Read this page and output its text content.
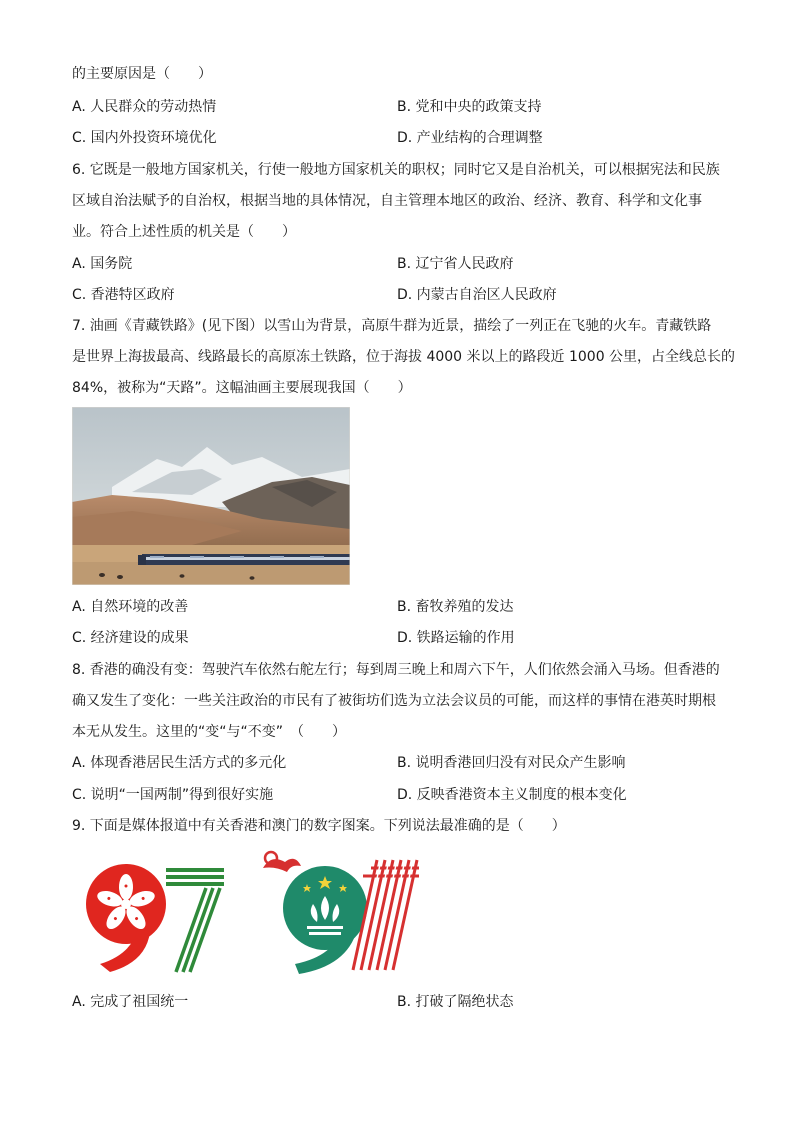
的主要原因是（　　）
A. 人民群众的劳动热情	B. 党和中央的政策支持
C. 国内外投资环境优化	D. 产业结构的合理调整
6. 它既是一般地方国家机关，行使一般地方国家机关的职权；同时它又是自治机关，可以根据宪法和民族
区域自治法赋予的自治权，根据当地的具体情况，自主管理本地区的政治、经济、教育、科学和文化事
业。符合上述性质的机关是（　　）
A. 国务院	B. 辽宁省人民政府
C. 香港特区政府	D. 内蒙古自治区人民政府
7. 油画《青藏铁路》(见下图）以雪山为背景，高原牛群为近景，描绘了一列正在飞驰的火车。青藏铁路
是世界上海拔最高、线路最长的高原冻土铁路，位于海拔 4000 米以上的路段近 1000 公里，占全线总长的
84%，被称为“天路”。这幅油画主要展现我国（　　）
A. 自然环境的改善	B. 畜牧养殖的发达
C. 经济建设的成果	D. 铁路运输的作用
8. 香港的确没有变：驾驶汽车依然右舵左行；每到周三晚上和周六下午，人们依然会涌入马场。但香港的
确又发生了变化：一些关注政治的市民有了被街坊们选为立法会议员的可能，而这样的事情在港英时期根
本无从发生。这里的“变“与“不变”　（　　）
A. 体现香港居民生活方式的多元化	B. 说明香港回归没有对民众产生影响
C. 说明“一国两制”得到很好实施	D. 反映香港资本主义制度的根本变化
9. 下面是媒体报道中有关香港和澳门的数字图案。下列说法最准确的是（　　）
A. 完成了祖国统一	B. 打破了隔绝状态
